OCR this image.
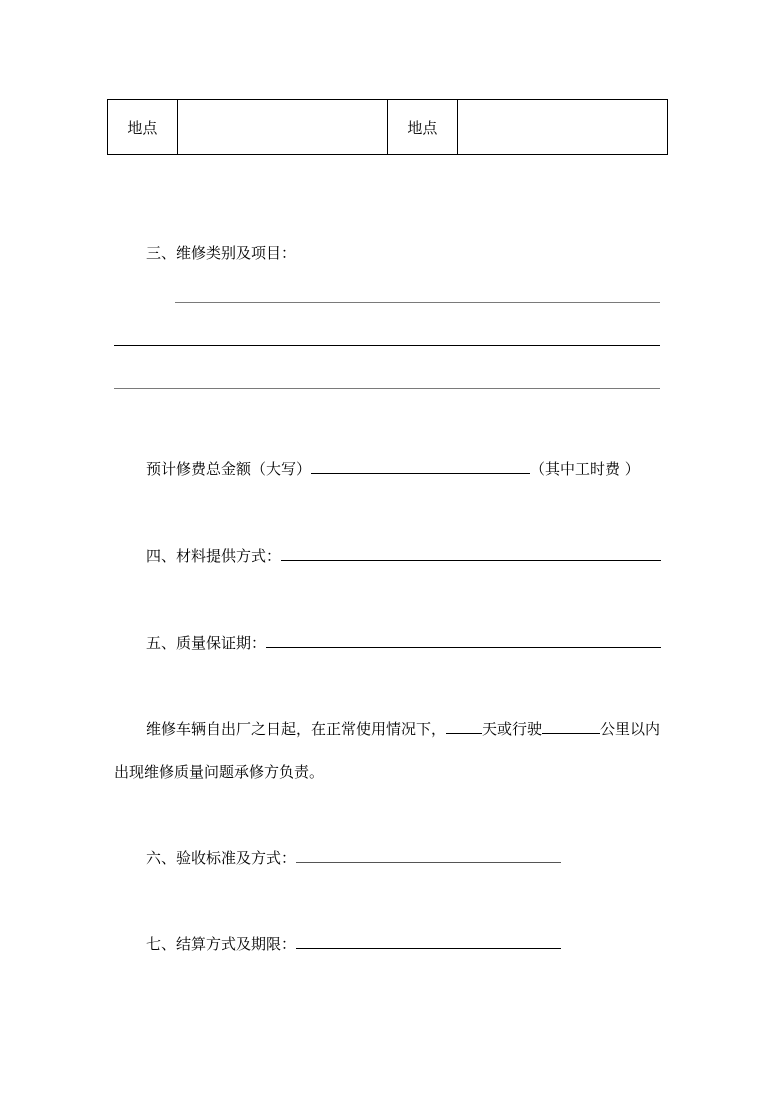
地点		地点	
三、维修类别及项目：
预计修费总金额（大写）	（其中工时费 ）
四、材料提供方式：
五、质量保证期：
维修车辆自出厂之日起，在正常使用情况下， 天或行驶	公里以内
出现维修质量问题承修方负责。
六、验收标准及方式：
七、结算方式及期限：
